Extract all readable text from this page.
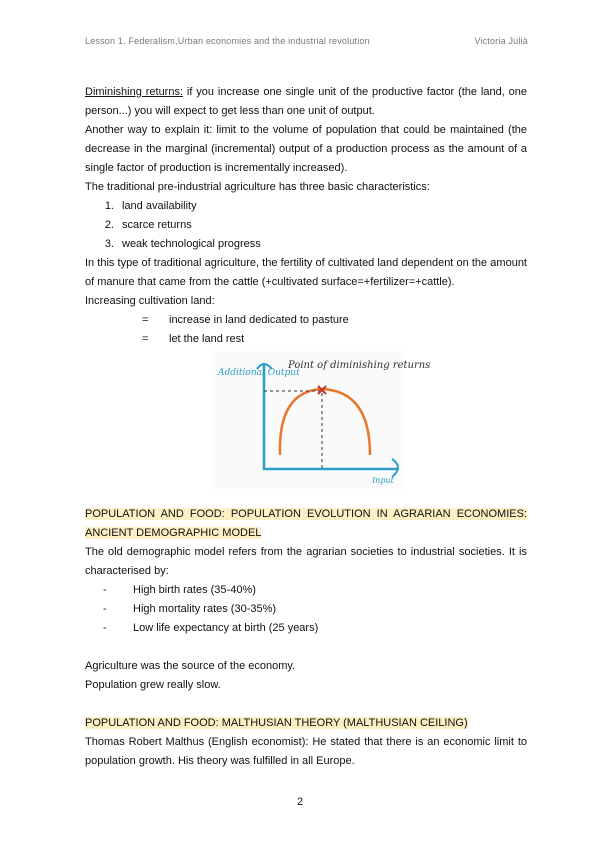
Lesson 1. Federalism,Urban economies and the industrial revolution	Victoria Julià

Diminishing returns: if you increase one single unit of the productive factor (the land, one person...) you will expect to get less than one unit of output.

Another way to explain it: limit to the volume of population that could be maintained (the decrease in the marginal (incremental) output of a production process as the amount of a single factor of production is incrementally increased).

The traditional pre-industrial agriculture has three basic characteristics:

1. land availability
2. scarce returns
3. weak technological progress

In this type of traditional agriculture, the fertility of cultivated land dependent on the amount of manure that came from the cattle (+cultivated surface=+fertilizer=+cattle).

Increasing cultivation land:

=	increase in land dedicated to pasture
=	let the land rest
Additional Output
Point of diminishing returns
Input

POPULATION AND FOOD: POPULATION EVOLUTION IN AGRARIAN ECONOMIES: ANCIENT DEMOGRAPHIC MODEL

The old demographic model refers from the agrarian societies to industrial societies. It is characterised by:

-	High birth rates (35-40%)
-	High mortality rates (30-35%)
-	Low life expectancy at birth (25 years)

Agriculture was the source of the economy.

Population grew really slow.

POPULATION AND FOOD: MALTHUSIAN THEORY (MALTHUSIAN CEILING)

Thomas Robert Malthus (English economist): He stated that there is an economic limit to population growth. His theory was fulfilled in all Europe.

2
